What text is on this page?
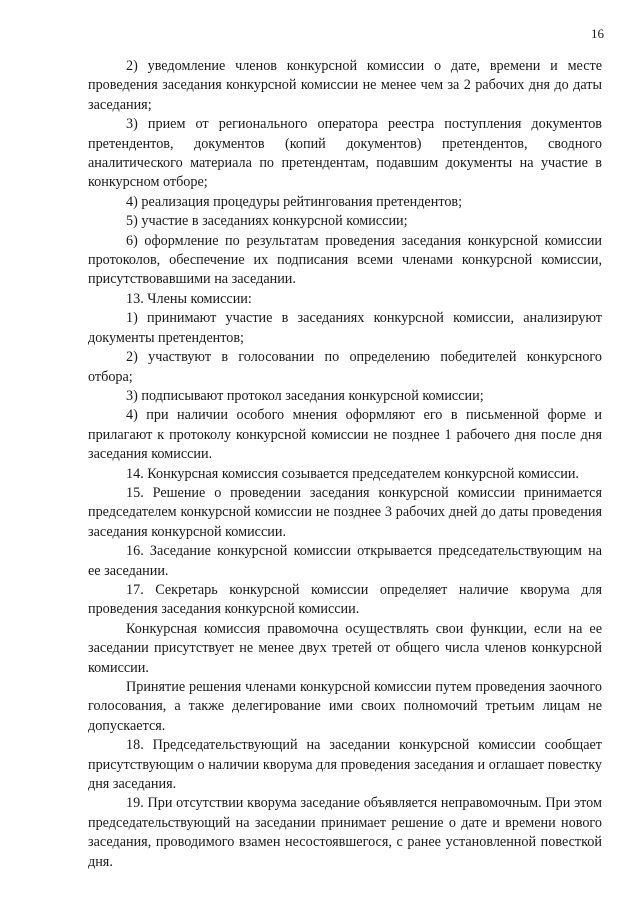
16

2) уведомление членов конкурсной комиссии о дате, времени и месте проведения заседания конкурсной комиссии не менее чем за 2 рабочих дня до даты заседания;

3) прием от регионального оператора реестра поступления документов претендентов, документов (копий документов) претендентов, сводного аналитического материала по претендентам, подавшим документы на участие в конкурсном отборе;

4) реализация процедуры рейтингования претендентов;

5) участие в заседаниях конкурсной комиссии;

6) оформление по результатам проведения заседания конкурсной комиссии протоколов, обеспечение их подписания всеми членами конкурсной комиссии, присутствовавшими на заседании.

13. Члены комиссии:

1) принимают участие в заседаниях конкурсной комиссии, анализируют документы претендентов;

2) участвуют в голосовании по определению победителей конкурсного отбора;

3) подписывают протокол заседания конкурсной комиссии;

4) при наличии особого мнения оформляют его в письменной форме и прилагают к протоколу конкурсной комиссии не позднее 1 рабочего дня после дня заседания комиссии.

14. Конкурсная комиссия созывается председателем конкурсной комиссии.

15. Решение о проведении заседания конкурсной комиссии принимается председателем конкурсной комиссии не позднее 3 рабочих дней до даты проведения заседания конкурсной комиссии.

16. Заседание конкурсной комиссии открывается председательствующим на ее заседании.

17. Секретарь конкурсной комиссии определяет наличие кворума для проведения заседания конкурсной комиссии.

Конкурсная комиссия правомочна осуществлять свои функции, если на ее заседании присутствует не менее двух третей от общего числа членов конкурсной комиссии.

Принятие решения членами конкурсной комиссии путем проведения заочного голосования, а также делегирование ими своих полномочий третьим лицам не допускается.

18. Председательствующий на заседании конкурсной комиссии сообщает присутствующим о наличии кворума для проведения заседания и оглашает повестку дня заседания.

19. При отсутствии кворума заседание объявляется неправомочным. При этом председательствующий на заседании принимает решение о дате и времени нового заседания, проводимого взамен несостоявшегося, с ранее установленной повесткой дня.
